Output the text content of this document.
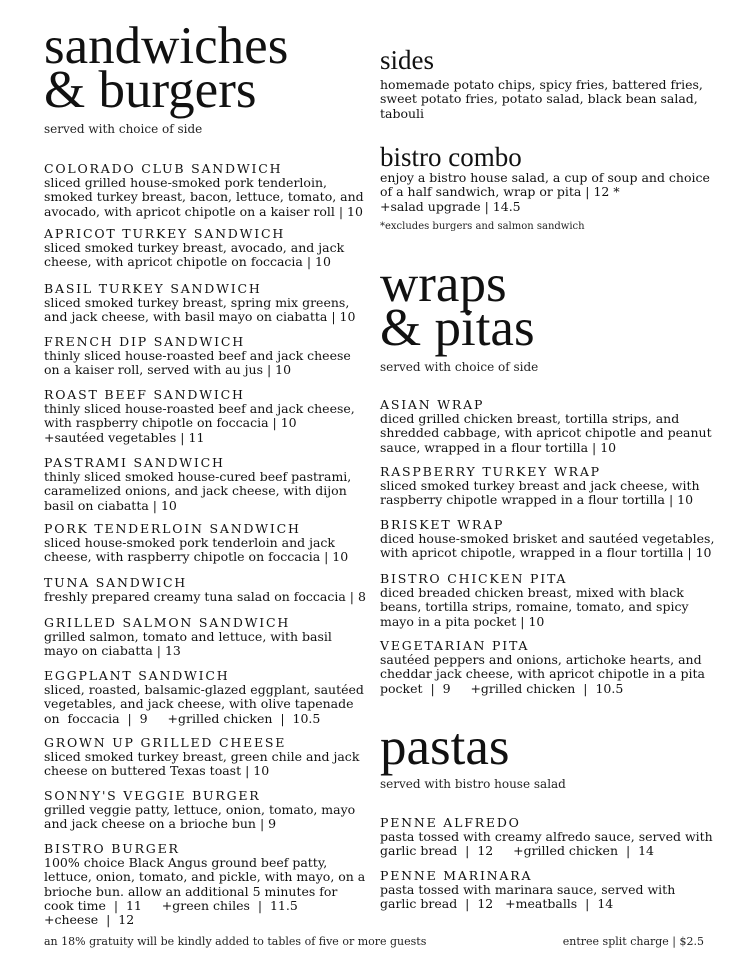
sandwiches
& burgers
served with choice of side
COLORADO CLUB SANDWICH
sliced grilled house-smoked pork tenderloin, smoked turkey breast, bacon, lettuce, tomato, and avocado, with apricot chipotle on a kaiser roll | 10
APRICOT TURKEY SANDWICH
sliced smoked turkey breast, avocado, and jack cheese, with apricot chipotle on foccacia | 10
BASIL TURKEY SANDWICH
sliced smoked turkey breast, spring mix greens, and jack cheese, with basil mayo on ciabatta | 10
FRENCH DIP SANDWICH
thinly sliced house-roasted beef and jack cheese on a kaiser roll, served with au jus | 10
ROAST BEEF SANDWICH
thinly sliced house-roasted beef and jack cheese, with raspberry chipotle on foccacia | 10
+sautéed vegetables | 11
PASTRAMI SANDWICH
thinly sliced smoked house-cured beef pastrami, caramelized onions, and jack cheese, with dijon basil on ciabatta | 10
PORK TENDERLOIN SANDWICH
sliced house-smoked pork tenderloin and jack cheese, with raspberry chipotle on foccacia | 10
TUNA SANDWICH
freshly prepared creamy tuna salad on foccacia | 8
GRILLED SALMON SANDWICH
grilled salmon, tomato and lettuce, with basil mayo on ciabatta | 13
EGGPLANT SANDWICH
sliced, roasted, balsamic-glazed eggplant, sautéed vegetables, and jack cheese, with olive tapenade on  foccacia  |  9     +grilled chicken  |  10.5
GROWN UP GRILLED CHEESE
sliced smoked turkey breast, green chile and jack cheese on buttered Texas toast | 10
SONNY'S VEGGIE BURGER
grilled veggie patty, lettuce, onion, tomato, mayo and jack cheese on a brioche bun | 9
BISTRO BURGER
100% choice Black Angus ground beef patty, lettuce, onion, tomato, and pickle, with mayo, on a brioche bun. allow an additional 5 minutes for cook time  |  11     +green chiles  |  11.5
+cheese  |  12
sides
homemade potato chips, spicy fries, battered fries, sweet potato fries, potato salad, black bean salad, tabouli
bistro combo
enjoy a bistro house salad, a cup of soup and choice of a half sandwich, wrap or pita | 12 *
+salad upgrade | 14.5
*excludes burgers and salmon sandwich
wraps
& pitas
served with choice of side
ASIAN WRAP
diced grilled chicken breast, tortilla strips, and shredded cabbage, with apricot chipotle and peanut sauce, wrapped in a flour tortilla | 10
RASPBERRY TURKEY WRAP
sliced smoked turkey breast and jack cheese, with raspberry chipotle wrapped in a flour tortilla | 10
BRISKET WRAP
diced house-smoked brisket and sautéed vegetables, with apricot chipotle, wrapped in a flour tortilla | 10
BISTRO CHICKEN PITA
diced breaded chicken breast, mixed with black beans, tortilla strips, romaine, tomato, and spicy mayo in a pita pocket | 10
VEGETARIAN PITA
sautéed peppers and onions, artichoke hearts, and cheddar jack cheese, with apricot chipotle in a pita pocket  |  9     +grilled chicken  |  10.5
pastas
served with bistro house salad
PENNE ALFREDO
pasta tossed with creamy alfredo sauce, served with garlic bread  |  12     +grilled chicken  |  14
PENNE MARINARA
pasta tossed with marinara sauce, served with garlic bread  |  12   +meatballs  |  14
an 18% gratuity will be kindly added to tables of five or more guests	entree split charge | $2.5
